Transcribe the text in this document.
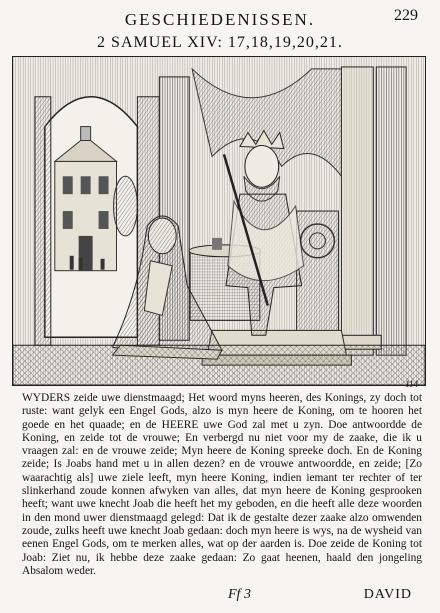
GESCHIEDENISSEN.	229
2 SAMUEL XIV: 17,18,19,20,21.
114

WYDERS zeide uwe dienstmaagd; Het woord myns heeren, des Konings, zy doch tot ruste: want gelyk een Engel Gods, alzo is myn heere de Koning, om te hooren het goede en het quaade; en de HEERE uwe God zal met u zyn. Doe antwoordde de Koning, en zeide tot de vrouwe; En verbergd nu niet voor my de zaake, die ik u vraagen zal: en de vrouwe zeide; Myn heere de Koning spreeke doch. En de Koning zeide; Is Joabs hand met u in allen dezen? en de vrouwe antwoordde, en zeide; [Zo waarachtig als] uwe ziele leeft, myn heere Koning, indien iemant ter rechter of ter slinkerhand zoude konnen afwyken van alles, dat myn heere de Koning gesprooken heeft; want uwe knecht Joab die heeft het my geboden, en die heeft alle deze woorden in den mond uwer dienstmaagd gelegd: Dat ik de gestalte dezer zaake alzo omwenden zoude, zulks heeft uwe knecht Joab gedaan: doch myn heere is wys, na de wysheid van eenen Engel Gods, om te merken alles, wat op der aarden is. Doe zeide de Koning tot Joab: Ziet nu, ik hebbe deze zaake gedaan: Zo gaat heenen, haald den jongeling Absalom weder.

Ff 3	DAVID
